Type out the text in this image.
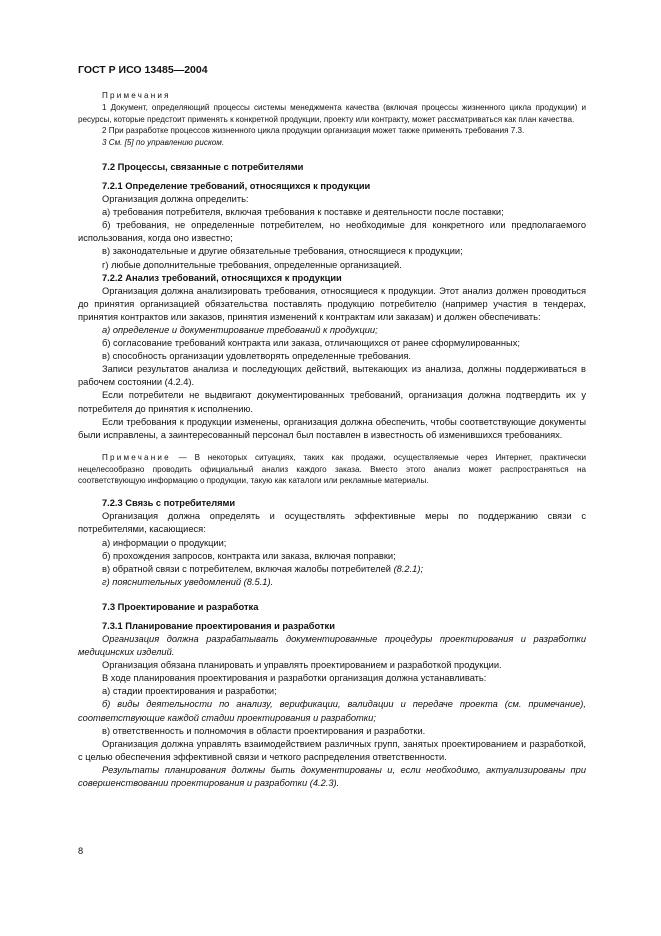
ГОСТ Р ИСО 13485—2004

Примечания

1 Документ, определяющий процессы системы менеджмента качества (включая процессы жизненного цикла продукции) и ресурсы, которые предстоит применять к конкретной продукции, проекту или контракту, может рассматриваться как план качества.

2 При разработке процессов жизненного цикла продукции организация может также применять требования 7.3.

3 См. [5] по управлению риском.

7.2 Процессы, связанные с потребителями

7.2.1 Определение требований, относящихся к продукции

Организация должна определить:

а) требования потребителя, включая требования к поставке и деятельности после поставки;

б) требования, не определенные потребителем, но необходимые для конкретного или предполагаемого использования, когда оно известно;

в) законодательные и другие обязательные требования, относящиеся к продукции;

г) любые дополнительные требования, определенные организацией.

7.2.2 Анализ требований, относящихся к продукции

Организация должна анализировать требования, относящиеся к продукции. Этот анализ должен проводиться до принятия организацией обязательства поставлять продукцию потребителю (например участия в тендерах, принятия контрактов или заказов, принятия изменений к контрактам или заказам) и должен обеспечивать:

а) определение и документирование требований к продукции;

б) согласование требований контракта или заказа, отличающихся от ранее сформулированных;

в) способность организации удовлетворять определенные требования.

Записи результатов анализа и последующих действий, вытекающих из анализа, должны поддерживаться в рабочем состоянии (4.2.4).

Если потребители не выдвигают документированных требований, организация должна подтвердить их у потребителя до принятия к исполнению.

Если требования к продукции изменены, организация должна обеспечить, чтобы соответствующие документы были исправлены, а заинтересованный персонал был поставлен в известность об изменившихся требованиях.

Примечание — В некоторых ситуациях, таких как продажи, осуществляемые через Интернет, практически нецелесообразно проводить официальный анализ каждого заказа. Вместо этого анализ может распространяться на соответствующую информацию о продукции, такую как каталоги или рекламные материалы.

7.2.3 Связь с потребителями

Организация должна определять и осуществлять эффективные меры по поддержанию связи с потребителями, касающиеся:

а) информации о продукции;

б) прохождения запросов, контракта или заказа, включая поправки;

в) обратной связи с потребителем, включая жалобы потребителей (8.2.1);

г) пояснительных уведомлений (8.5.1).

7.3 Проектирование и разработка

7.3.1 Планирование проектирования и разработки

Организация должна разрабатывать документированные процедуры проектирования и разработки медицинских изделий.

Организация обязана планировать и управлять проектированием и разработкой продукции.

В ходе планирования проектирования и разработки организация должна устанавливать:

а) стадии проектирования и разработки;

б) виды деятельности по анализу, верификации, валидации и передаче проекта (см. примечание), соответствующие каждой стадии проектирования и разработки;

в) ответственность и полномочия в области проектирования и разработки.

Организация должна управлять взаимодействием различных групп, занятых проектированием и разработкой, с целью обеспечения эффективной связи и четкого распределения ответственности.

Результаты планирования должны быть документированы и, если необходимо, актуализированы при совершенствовании проектирования и разработки (4.2.3).

8
